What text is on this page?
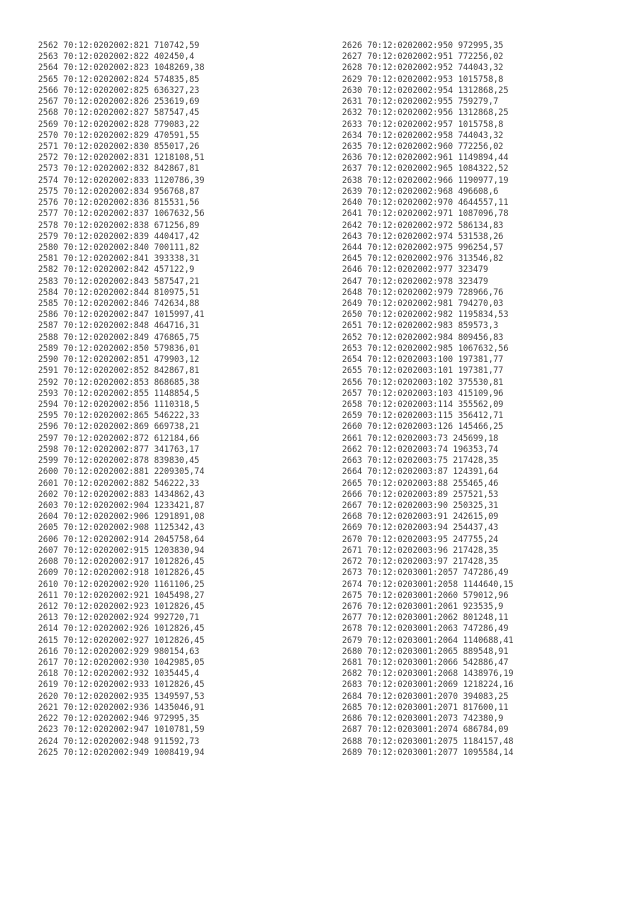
2562 70:12:0202002:821 710742,59
2563 70:12:0202002:822 402450,4
2564 70:12:0202002:823 1048269,38
2565 70:12:0202002:824 574835,85
2566 70:12:0202002:825 636327,23
2567 70:12:0202002:826 253619,69
2568 70:12:0202002:827 587547,45
2569 70:12:0202002:828 779083,22
2570 70:12:0202002:829 470591,55
2571 70:12:0202002:830 855017,26
2572 70:12:0202002:831 1218108,51
2573 70:12:0202002:832 842867,81
2574 70:12:0202002:833 1120786,39
2575 70:12:0202002:834 956768,87
2576 70:12:0202002:836 815531,56
2577 70:12:0202002:837 1067632,56
2578 70:12:0202002:838 671256,89
2579 70:12:0202002:839 440417,42
2580 70:12:0202002:840 700111,82
2581 70:12:0202002:841 393338,31
2582 70:12:0202002:842 457122,9
2583 70:12:0202002:843 587547,21
2584 70:12:0202002:844 810975,51
2585 70:12:0202002:846 742634,88
2586 70:12:0202002:847 1015997,41
2587 70:12:0202002:848 464716,31
2588 70:12:0202002:849 476865,75
2589 70:12:0202002:850 579836,01
2590 70:12:0202002:851 479903,12
2591 70:12:0202002:852 842867,81
2592 70:12:0202002:853 868685,38
2593 70:12:0202002:855 1148854,5
2594 70:12:0202002:856 1110318,5
2595 70:12:0202002:865 546222,33
2596 70:12:0202002:869 669738,21
2597 70:12:0202002:872 612184,66
2598 70:12:0202002:877 341763,17
2599 70:12:0202002:878 839830,45
2600 70:12:0202002:881 2209305,74
2601 70:12:0202002:882 546222,33
2602 70:12:0202002:883 1434862,43
2603 70:12:0202002:904 1233421,87
2604 70:12:0202002:906 1291891,08
2605 70:12:0202002:908 1125342,43
2606 70:12:0202002:914 2045758,64
2607 70:12:0202002:915 1203830,94
2608 70:12:0202002:917 1012826,45
2609 70:12:0202002:918 1012826,45
2610 70:12:0202002:920 1161106,25
2611 70:12:0202002:921 1045498,27
2612 70:12:0202002:923 1012826,45
2613 70:12:0202002:924 992720,71
2614 70:12:0202002:926 1012826,45
2615 70:12:0202002:927 1012826,45
2616 70:12:0202002:929 980154,63
2617 70:12:0202002:930 1042985,05
2618 70:12:0202002:932 1035445,4
2619 70:12:0202002:933 1012826,45
2620 70:12:0202002:935 1349597,53
2621 70:12:0202002:936 1435046,91
2622 70:12:0202002:946 972995,35
2623 70:12:0202002:947 1010781,59
2624 70:12:0202002:948 911592,73
2625 70:12:0202002:949 1008419,94
2626 70:12:0202002:950 972995,35
2627 70:12:0202002:951 772256,02
2628 70:12:0202002:952 744043,32
2629 70:12:0202002:953 1015758,8
2630 70:12:0202002:954 1312868,25
2631 70:12:0202002:955 759279,7
2632 70:12:0202002:956 1312868,25
2633 70:12:0202002:957 1015758,8
2634 70:12:0202002:958 744043,32
2635 70:12:0202002:960 772256,02
2636 70:12:0202002:961 1149894,44
2637 70:12:0202002:965 1084322,52
2638 70:12:0202002:966 1190977,19
2639 70:12:0202002:968 496608,6
2640 70:12:0202002:970 4644557,11
2641 70:12:0202002:971 1087096,78
2642 70:12:0202002:972 586134,83
2643 70:12:0202002:974 531538,26
2644 70:12:0202002:975 996254,57
2645 70:12:0202002:976 313546,82
2646 70:12:0202002:977 323479
2647 70:12:0202002:978 323479
2648 70:12:0202002:979 728966,76
2649 70:12:0202002:981 794270,03
2650 70:12:0202002:982 1195834,53
2651 70:12:0202002:983 859573,3
2652 70:12:0202002:984 809456,83
2653 70:12:0202002:985 1067632,56
2654 70:12:0202003:100 197381,77
2655 70:12:0202003:101 197381,77
2656 70:12:0202003:102 375530,81
2657 70:12:0202003:103 415109,96
2658 70:12:0202003:114 355562,09
2659 70:12:0202003:115 356412,71
2660 70:12:0202003:126 145466,25
2661 70:12:0202003:73 245699,18
2662 70:12:0202003:74 196353,74
2663 70:12:0202003:75 217428,35
2664 70:12:0202003:87 124391,64
2665 70:12:0202003:88 255465,46
2666 70:12:0202003:89 257521,53
2667 70:12:0202003:90 250325,31
2668 70:12:0202003:91 242615,09
2669 70:12:0202003:94 254437,43
2670 70:12:0202003:95 247755,24
2671 70:12:0202003:96 217428,35
2672 70:12:0202003:97 217428,35
2673 70:12:0203001:2057 747286,49
2674 70:12:0203001:2058 1144640,15
2675 70:12:0203001:2060 579012,96
2676 70:12:0203001:2061 923535,9
2677 70:12:0203001:2062 801248,11
2678 70:12:0203001:2063 747286,49
2679 70:12:0203001:2064 1140688,41
2680 70:12:0203001:2065 889548,91
2681 70:12:0203001:2066 542886,47
2682 70:12:0203001:2068 1438976,19
2683 70:12:0203001:2069 1218224,16
2684 70:12:0203001:2070 394083,25
2685 70:12:0203001:2071 817600,11
2686 70:12:0203001:2073 742380,9
2687 70:12:0203001:2074 686784,09
2688 70:12:0203001:2075 1184157,48
2689 70:12:0203001:2077 1095584,14
